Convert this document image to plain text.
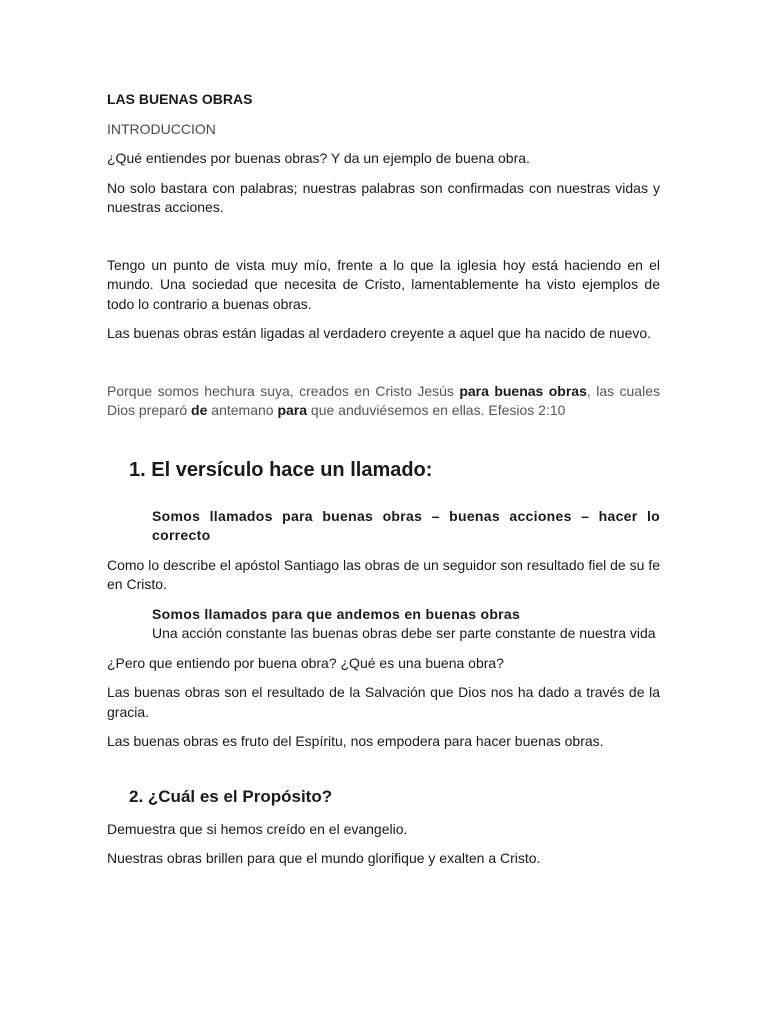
LAS BUENAS OBRAS
INTRODUCCION
¿Qué entiendes por buenas obras? Y da un ejemplo de buena obra.
No solo bastara con palabras; nuestras palabras son confirmadas con nuestras vidas y nuestras acciones.
Tengo un punto de vista muy mío, frente a lo que la iglesia hoy está haciendo en el mundo. Una sociedad que necesita de Cristo, lamentablemente ha visto ejemplos de todo lo contrario a buenas obras.
Las buenas obras están ligadas al verdadero creyente a aquel que ha nacido de nuevo.
Porque somos hechura suya, creados en Cristo Jesús para buenas obras, las cuales Dios preparó de antemano para que anduviésemos en ellas. Efesios 2:10
1. El versículo hace un llamado:
Somos llamados para buenas obras – buenas acciones – hacer lo correcto
Como lo describe el apóstol Santiago las obras de un seguidor son resultado fiel de su fe en Cristo.
Somos llamados para que andemos en buenas obras
Una acción constante las buenas obras debe ser parte constante de nuestra vida
¿Pero que entiendo por buena obra? ¿Qué es una buena obra?
Las buenas obras son el resultado de la Salvación que Dios nos ha dado a través de la gracia.
Las buenas obras es fruto del Espíritu, nos empodera para hacer buenas obras.
2. ¿Cuál es el Propósito?
Demuestra que si hemos creído en el evangelio.
Nuestras obras brillen para que el mundo glorifique y exalten a Cristo.
